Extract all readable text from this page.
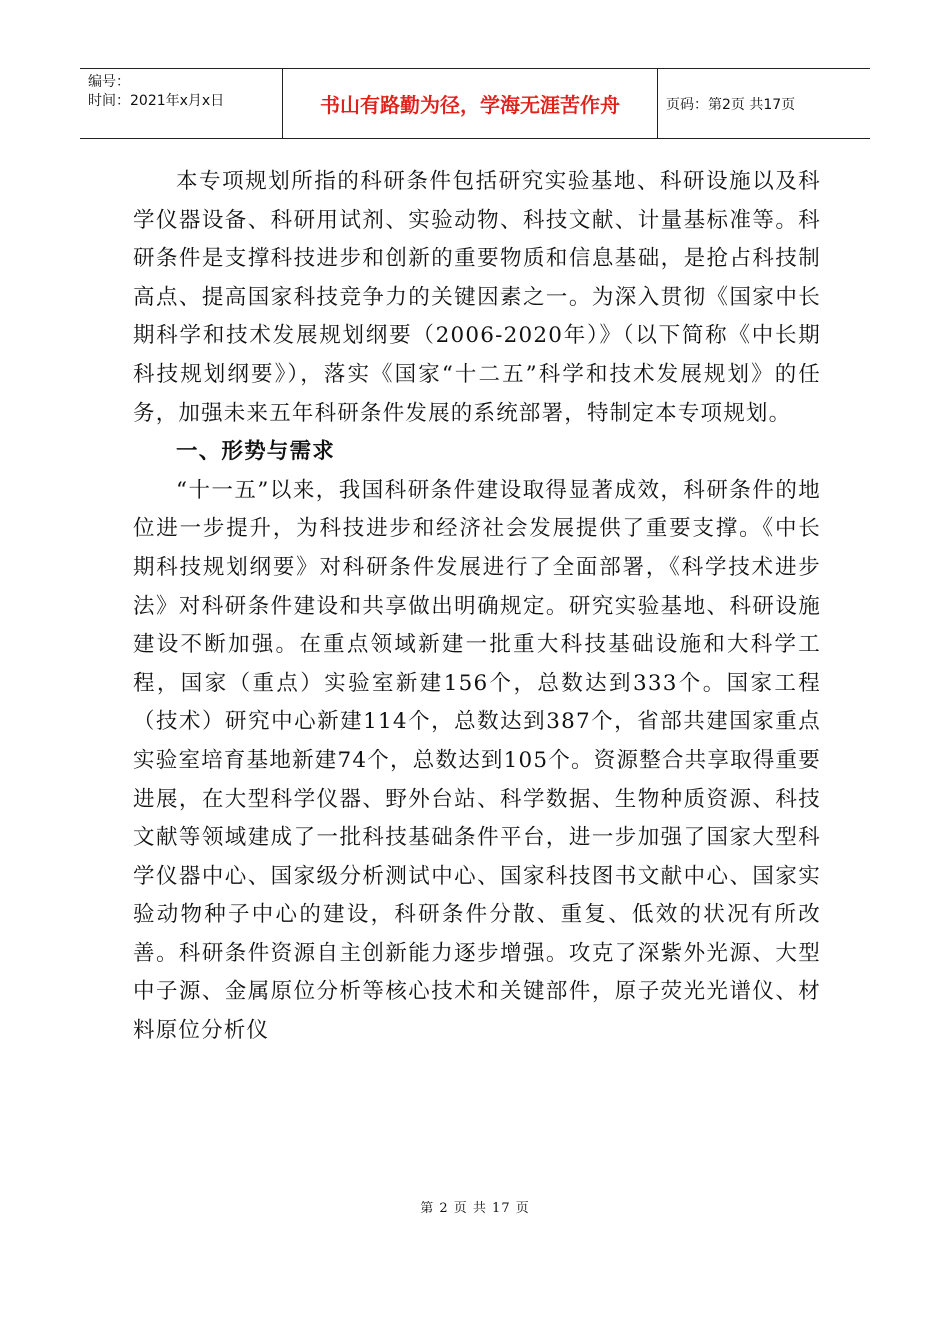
编号：
时间：2021年x月x日	书山有路勤为径，学海无涯苦作舟	页码：第2页 共17页

本专项规划所指的科研条件包括研究实验基地、科研设施以及科学仪器设备、科研用试剂、实验动物、科技文献、计量基标准等。科研条件是支撑科技进步和创新的重要物质和信息基础，是抢占科技制高点、提高国家科技竞争力的关键因素之一。为深入贯彻《国家中长期科学和技术发展规划纲要（2006-2020年）》（以下简称《中长期科技规划纲要》），落实《国家“十二五”科学和技术发展规划》的任务，加强未来五年科研条件发展的系统部署，特制定本专项规划。

一、形势与需求

“十一五”以来，我国科研条件建设取得显著成效，科研条件的地位进一步提升，为科技进步和经济社会发展提供了重要支撑。《中长期科技规划纲要》对科研条件发展进行了全面部署，《科学技术进步法》对科研条件建设和共享做出明确规定。研究实验基地、科研设施建设不断加强。在重点领域新建一批重大科技基础设施和大科学工程，国家（重点）实验室新建156个，总数达到333个。国家工程（技术）研究中心新建114个，总数达到387个，省部共建国家重点实验室培育基地新建74个，总数达到105个。资源整合共享取得重要进展，在大型科学仪器、野外台站、科学数据、生物种质资源、科技文献等领域建成了一批科技基础条件平台，进一步加强了国家大型科学仪器中心、国家级分析测试中心、国家科技图书文献中心、国家实验动物种子中心的建设，科研条件分散、重复、低效的状况有所改善。科研条件资源自主创新能力逐步增强。攻克了深紫外光源、大型中子源、金属原位分析等核心技术和关键部件，原子荧光光谱仪、材料原位分析仪

第 2 页 共 17 页
